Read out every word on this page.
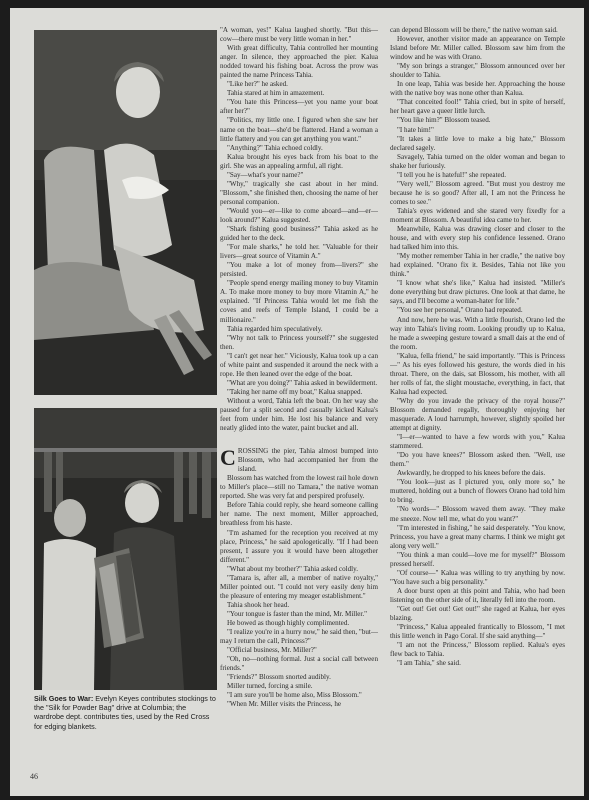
Silk Goes to War: Evelyn Keyes contributes stockings to the "Silk for Powder Bag" drive at Columbia; the wardrobe dept. contributes ties, used by the Red Cross for edging blankets.

46

"A woman, yes!" Kalua laughed shortly. "But this—cow—there must be very little woman in her."

With great difficulty, Tahia controlled her mounting anger. In silence, they approached the pier. Kalua nodded toward his fishing boat. Across the prow was painted the name Princess Tahia.

"Like her?" he asked.

Tahia stared at him in amazement.

"You hate this Princess—yet you name your boat after her?"

"Politics, my little one. I figured when she saw her name on the boat—she'd be flattered. Hand a woman a little flattery and you can get anything you want."

"Anything?" Tahia echoed coldly.

Kalua brought his eyes back from his boat to the girl. She was an appealing armful, all right.

"Say—what's your name?"

"Why," tragically she cast about in her mind. "Blossom," she finished then, choosing the name of her personal companion.

"Would you—er—like to come aboard—and—er—look around?" Kalua suggested.

"Shark fishing good business?" Tahia asked as he guided her to the deck.

"For male sharks," he told her. "Valuable for their livers—great source of Vitamin A."

"You make a lot of money from—livers?" she persisted.

"People spend energy mailing money to buy Vitamin A. To make more money to buy more Vitamin A," he explained. "If Princess Tahia would let me fish the coves and reefs of Temple Island, I could be a millionaire."

Tahia regarded him speculatively.

"Why not talk to Princess yourself?" she suggested then.

"I can't get near her." Viciously, Kalua took up a can of white paint and suspended it around the neck with a rope. He then leaned over the edge of the boat.

"What are you doing?" Tahia asked in bewilderment.

"Taking her name off my boat," Kalua snapped.

Without a word, Tahia left the boat. On her way she paused for a split second and casually kicked Kalua's feet from under him. He lost his balance and very neatly glided into the water, paint bucket and all.

CROSSING the pier, Tahia almost bumped into Blossom, who had accompanied her from the island.

Blossom has watched from the lowest rail hole down to Miller's place—still no Tamara," the native woman reported. She was very fat and perspired profusely.

Before Tahia could reply, she heard someone calling her name. The next moment, Miller approached, breathless from his haste.

"I'm ashamed for the reception you received at my place, Princess," he said apologetically. "If I had been present, I assure you it would have been altogether different."

"What about my brother?" Tahia asked coldly.

"Tamara is, after all, a member of native royalty," Miller pointed out. "I could not very easily deny him the pleasure of entering my meager establishment."

Tahia shook her head.

"Your tongue is faster than the mind, Mr. Miller."

He bowed as though highly complimented.

"I realize you're in a hurry now," he said then, "but—may I return the call, Princess?"

"Official business, Mr. Miller?"

"Oh, no—nothing formal. Just a social call between friends."

"Friends?" Blossom snorted audibly.

Miller turned, forcing a smile.

"I am sure you'll be home also, Miss Blossom."

"When Mr. Miller visits the Princess, he

can depend Blossom will be there," the native woman said.

However, another visitor made an appearance on Temple Island before Mr. Miller called. Blossom saw him from the window and he was with Orano.

"My son brings a stranger," Blossom announced over her shoulder to Tahia.

In one leap, Tahia was beside her. Approaching the house with the native boy was none other than Kalua.

"That conceited fool!" Tahia cried, but in spite of herself, her heart gave a queer little lurch.

"You like him?" Blossom teased.

"I hate him!"

"It takes a little love to make a big hate," Blossom declared sagely.

Savagely, Tahia turned on the older woman and began to shake her furiously.

"I tell you he is hateful!" she repeated.

"Very well," Blossom agreed. "But must you destroy me because he is so good? After all, I am not the Princess he comes to see."

Tahia's eyes widened and she stared very fixedly for a moment at Blossom. A beautiful idea came to her.

Meanwhile, Kalua was drawing closer and closer to the house, and with every step his confidence lessened. Orano had talked him into this.

"My mother remember Tahia in her cradle," the native boy had explained. "Orano fix it. Besides, Tahia not like you think."

"I know what she's like," Kalua had insisted. "Miller's done everything but draw pictures. One look at that dame, he says, and I'll become a woman-hater for life."

"You see her personal," Orano had repeated.

And now, here he was. With a little flourish, Orano led the way into Tahia's living room. Looking proudly up to Kalua, he made a sweeping gesture toward a small dais at the end of the room.

"Kalua, fella friend," he said importantly. "This is Princess—" As his eyes followed his gesture, the words died in his throat. There, on the dais, sat Blossom, his mother, with all her rolls of fat, the slight moustache, everything, in fact, that Kalua had expected.

"Why do you invade the privacy of the royal house?" Blossom demanded regally, thoroughly enjoying her masquerade. A loud harrumph, however, slightly spoiled her attempt at dignity.

"I—er—wanted to have a few words with you," Kalua stammered.

"Do you have knees?" Blossom asked then. "Well, use them."

Awkwardly, he dropped to his knees before the dais.

"You look—just as I pictured you, only more so," he muttered, holding out a bunch of flowers Orano had told him to bring.

"No words—" Blossom waved them away. "They make me sneeze. Now tell me, what do you want?"

"I'm interested in fishing," he said desperately. "You know, Princess, you have a great many charms. I think we might get along very well."

"You think a man could—love me for myself?" Blossom pressed herself.

"Of course—" Kalua was willing to try anything by now. "You have such a big personality."

A door burst open at this point and Tahia, who had been listening on the other side of it, literally fell into the room.

"Get out! Get out! Get out!" she raged at Kalua, her eyes blazing.

"Princess," Kalua appealed frantically to Blossom, "I met this little wench in Pago Coral. If she said anything—"

"I am not the Princess," Blossom replied. Kalua's eyes flew back to Tahia.

"I am Tahia," she said.
